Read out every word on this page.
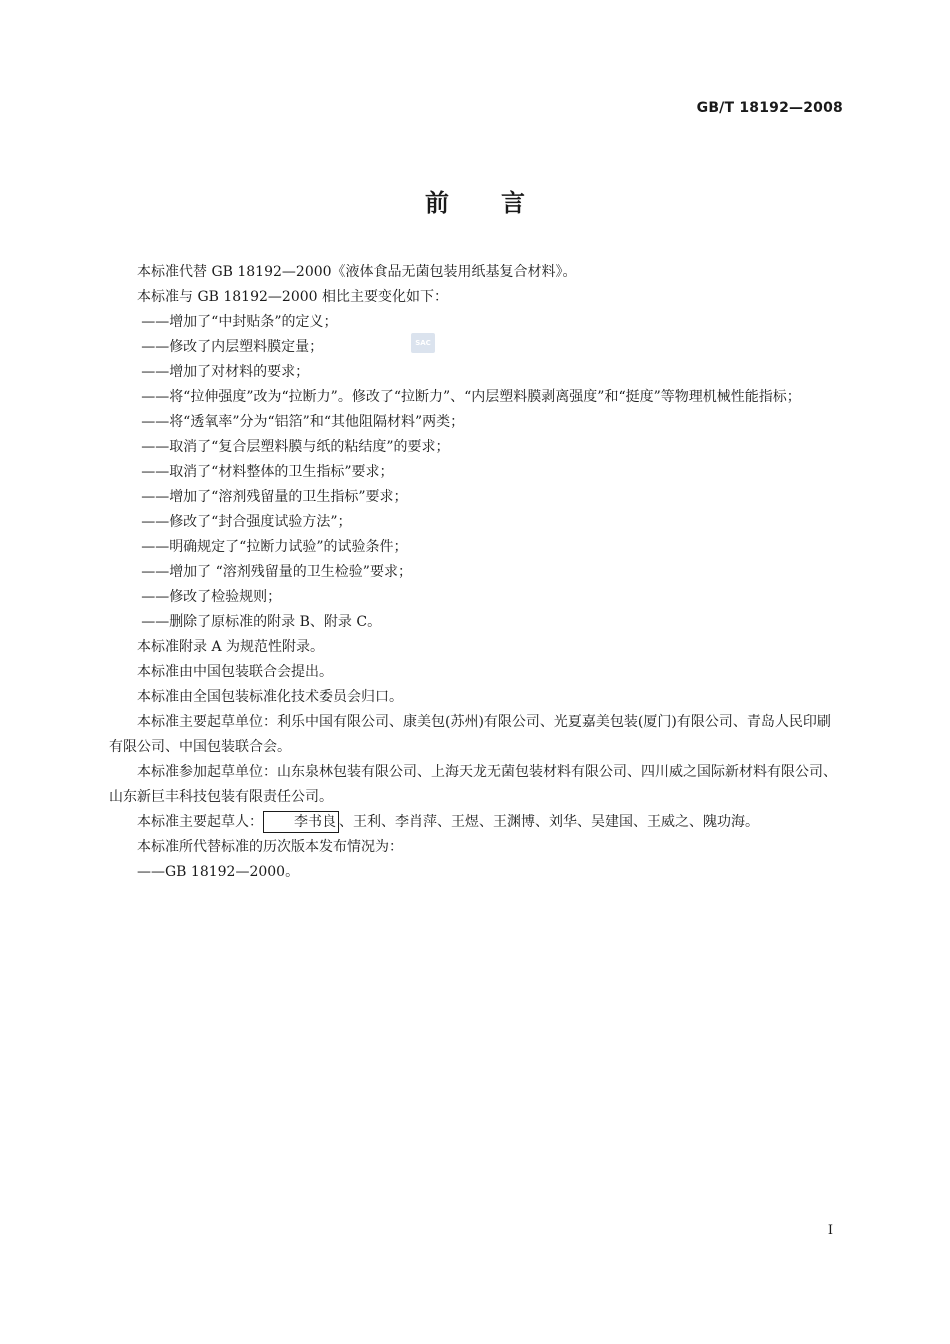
GB/T 18192—2008
前言
SAC

本标准代替 GB 18192—2000《液体食品无菌包装用纸基复合材料》。

本标准与 GB 18192—2000 相比主要变化如下：

——增加了“中封贴条”的定义；

——修改了内层塑料膜定量；

——增加了对材料的要求；

——将“拉伸强度”改为“拉断力”。修改了“拉断力”、“内层塑料膜剥离强度”和“挺度”等物理机械性能指标；

——将“透氧率”分为“铝箔”和“其他阻隔材料”两类；

——取消了“复合层塑料膜与纸的粘结度”的要求；

——取消了“材料整体的卫生指标”要求；

——增加了“溶剂残留量的卫生指标”要求；

——修改了“封合强度试验方法”；

——明确规定了“拉断力试验”的试验条件；

——增加了 “溶剂残留量的卫生检验”要求；

——修改了检验规则；

——删除了原标准的附录 B、附录 C。

本标准附录 A 为规范性附录。

本标准由中国包装联合会提出。

本标准由全国包装标准化技术委员会归口。

本标准主要起草单位：利乐中国有限公司、康美包(苏州)有限公司、光夏嘉美包装(厦门)有限公司、青岛人民印刷有限公司、中国包装联合会。

本标准参加起草单位：山东泉林包装有限公司、上海天龙无菌包装材料有限公司、四川威之国际新材料有限公司、山东新巨丰科技包装有限责任公司。

本标准主要起草人： 李书良 、王利、李肖萍、王煜、王渊博、刘华、吴建国、王威之、隗功海。

本标准所代替标准的历次版本发布情况为：

——GB 18192—2000。

I
